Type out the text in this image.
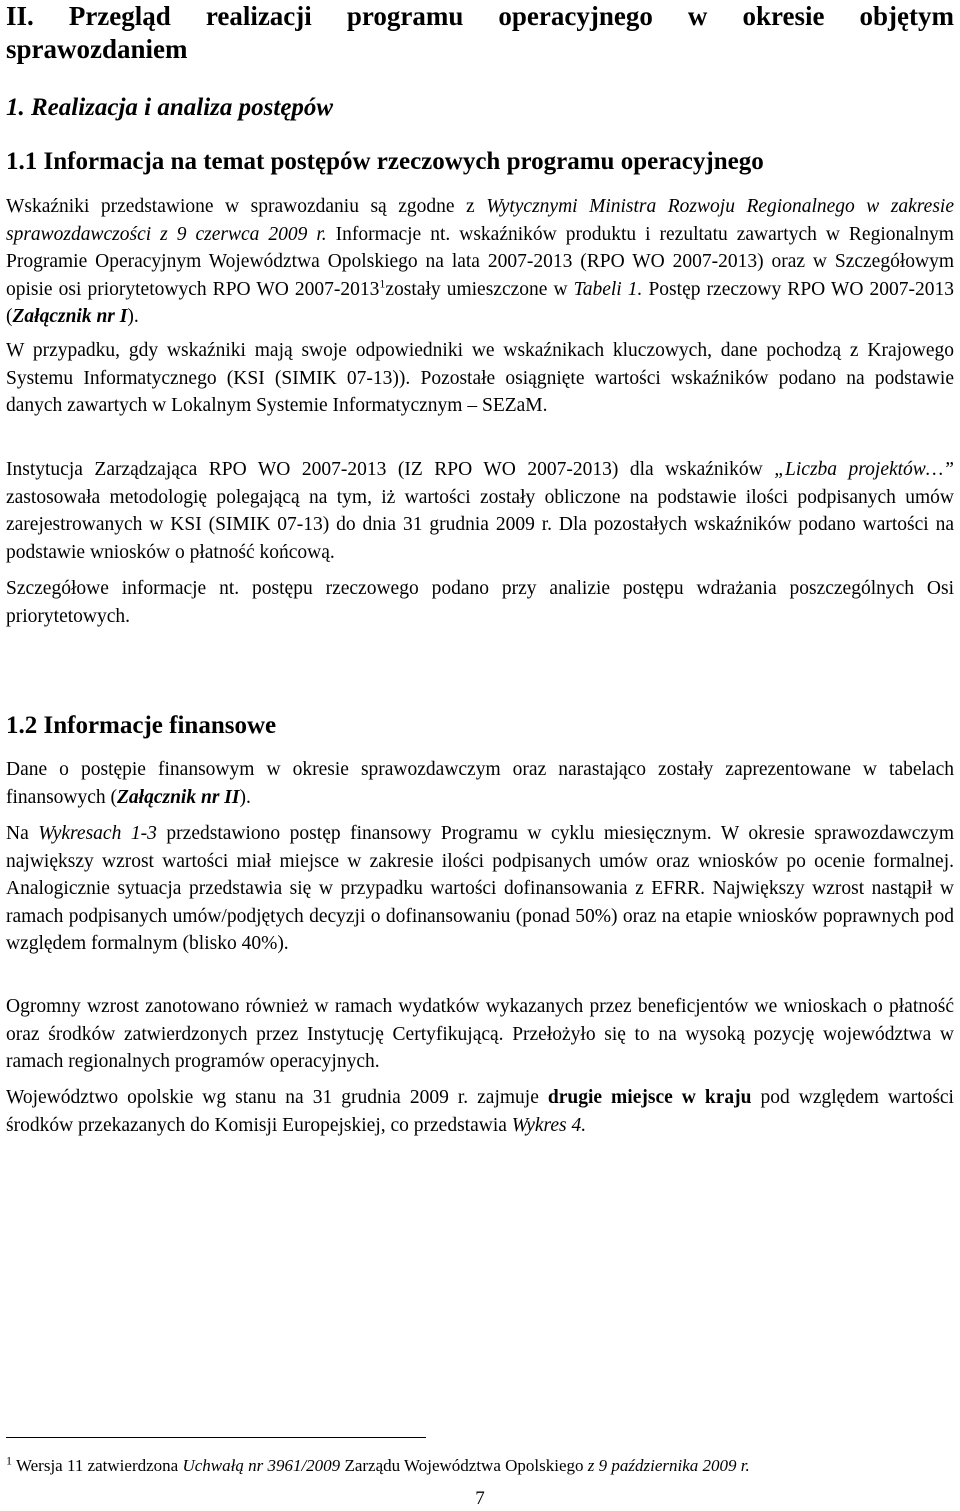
II. Przegląd realizacji programu operacyjnego w okresie objętym
sprawozdaniem
1. Realizacja i analiza postępów
1.1 Informacja na temat postępów rzeczowych programu operacyjnego

Wskaźniki przedstawione w sprawozdaniu są zgodne z Wytycznymi Ministra Rozwoju Regionalnego w zakresie sprawozdawczości z 9 czerwca 2009 r. Informacje nt. wskaźników produktu i rezultatu zawartych w Regionalnym Programie Operacyjnym Województwa Opolskiego na lata 2007-2013 (RPO WO 2007-2013) oraz w Szczegółowym opisie osi priorytetowych RPO WO 2007-2013$^1$zostały umieszczone w Tabeli 1. Postęp rzeczowy RPO WO 2007-2013 (Załącznik nr I).

W przypadku, gdy wskaźniki mają swoje odpowiedniki we wskaźnikach kluczowych, dane pochodzą z Krajowego Systemu Informatycznego (KSI (SIMIK 07-13)). Pozostałe osiągnięte wartości wskaźników podano na podstawie danych zawartych w Lokalnym Systemie Informatycznym – SEZaM.

Instytucja Zarządzająca RPO WO 2007-2013 (IZ RPO WO 2007-2013) dla wskaźników „Liczba projektów…” zastosowała metodologię polegającą na tym, iż wartości zostały obliczone na podstawie ilości podpisanych umów zarejestrowanych w KSI (SIMIK 07-13) do dnia 31 grudnia 2009 r. Dla pozostałych wskaźników podano wartości na podstawie wniosków o płatność końcową.

Szczegółowe informacje nt. postępu rzeczowego podano przy analizie postępu wdrażania poszczególnych Osi priorytetowych.

1.2 Informacje finansowe

Dane o postępie finansowym w okresie sprawozdawczym oraz narastająco zostały zaprezentowane w tabelach finansowych (Załącznik nr II).

Na Wykresach 1-3 przedstawiono postęp finansowy Programu w cyklu miesięcznym. W okresie sprawozdawczym największy wzrost wartości miał miejsce w zakresie ilości podpisanych umów oraz wniosków po ocenie formalnej. Analogicznie sytuacja przedstawia się w przypadku wartości dofinansowania z EFRR. Największy wzrost nastąpił w ramach podpisanych umów/podjętych decyzji o dofinansowaniu (ponad 50%) oraz na etapie wniosków poprawnych pod względem formalnym (blisko 40%).

Ogromny wzrost zanotowano również w ramach wydatków wykazanych przez beneficjentów we wnioskach o płatność oraz środków zatwierdzonych przez Instytucję Certyfikującą. Przełożyło się to na wysoką pozycję województwa w ramach regionalnych programów operacyjnych.

Województwo opolskie wg stanu na 31 grudnia 2009 r. zajmuje drugie miejsce w kraju pod względem wartości środków przekazanych do Komisji Europejskiej, co przedstawia Wykres 4.

$^1$ Wersja 11 zatwierdzona Uchwałą nr 3961/2009 Zarządu Województwa Opolskiego z 9 października 2009 r.
7
